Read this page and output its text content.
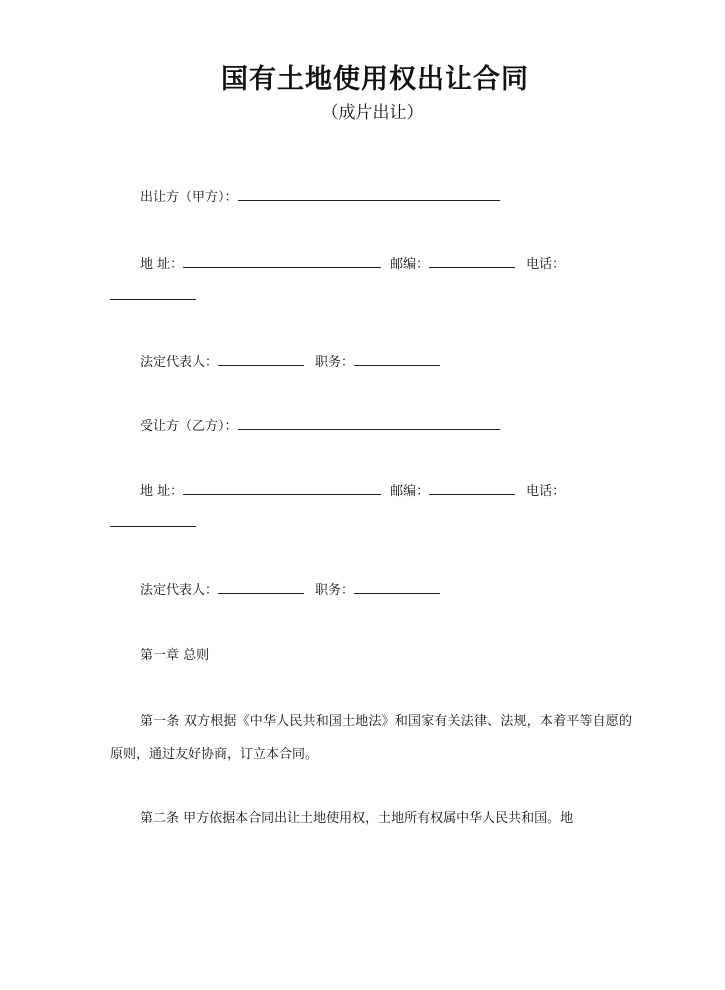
国有土地使用权出让合同
（成片出让）
出让方（甲方）：
地 址：	邮编：	电话：
法定代表人：	职务：
受让方（乙方）：
地 址：	邮编：	电话：
法定代表人：	职务：
第一章 总则
第一条 双方根据《中华人民共和国土地法》和国家有关法律、法规，本着平等自愿的原则，通过友好协商，订立本合同。
第二条 甲方依据本合同出让土地使用权，土地所有权属中华人民共和国。地
